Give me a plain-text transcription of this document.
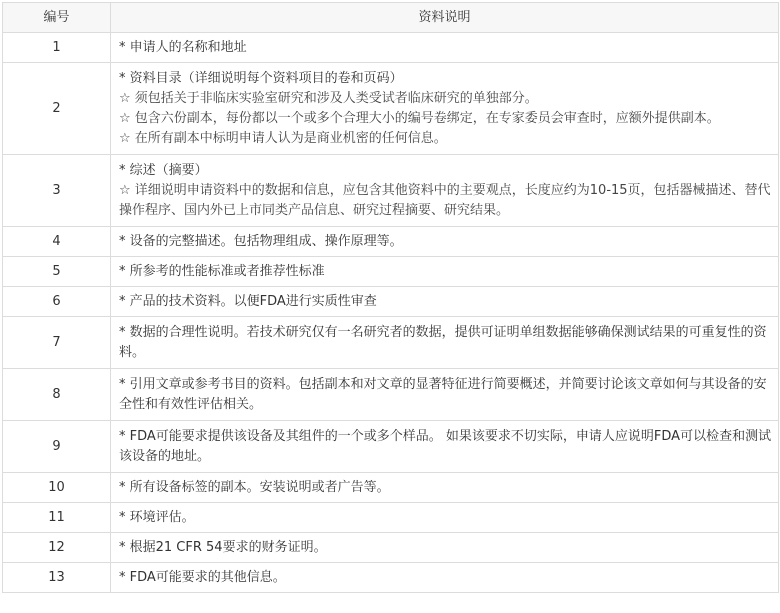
编号	资料说明
1	* 申请人的名称和地址

2	* 资料目录（详细说明每个资料项目的卷和页码）
☆ 须包括关于非临床实验室研究和涉及人类受试者临床研究的单独部分。
☆ 包含六份副本，每份都以一个或多个合理大小的编号卷绑定，在专家委员会审查时，应额外提供副本。
☆ 在所有副本中标明申请人认为是商业机密的任何信息。

3	* 综述（摘要）
☆ 详细说明申请资料中的数据和信息，应包含其他资料中的主要观点，长度应约为10-15页，包括器械描述、替代操作程序、国内外已上市同类产品信息、研究过程摘要、研究结果。

4	* 设备的完整描述。包括物理组成、操作原理等。

5	* 所参考的性能标准或者推荐性标准

6	* 产品的技术资料。以便FDA进行实质性审查

7	* 数据的合理性说明。若技术研究仅有一名研究者的数据，提供可证明单组数据能够确保测试结果的可重复性的资料。

8	* 引用文章或参考书目的资料。包括副本和对文章的显著特征进行简要概述，并简要讨论该文章如何与其设备的安全性和有效性评估相关。

9	* FDA可能要求提供该设备及其组件的一个或多个样品。 如果该要求不切实际，申请人应说明FDA可以检查和测试该设备的地址。

10	* 所有设备标签的副本。安装说明或者广告等。

11	* 环境评估。

12	* 根据21 CFR 54要求的财务证明。

13	* FDA可能要求的其他信息。
